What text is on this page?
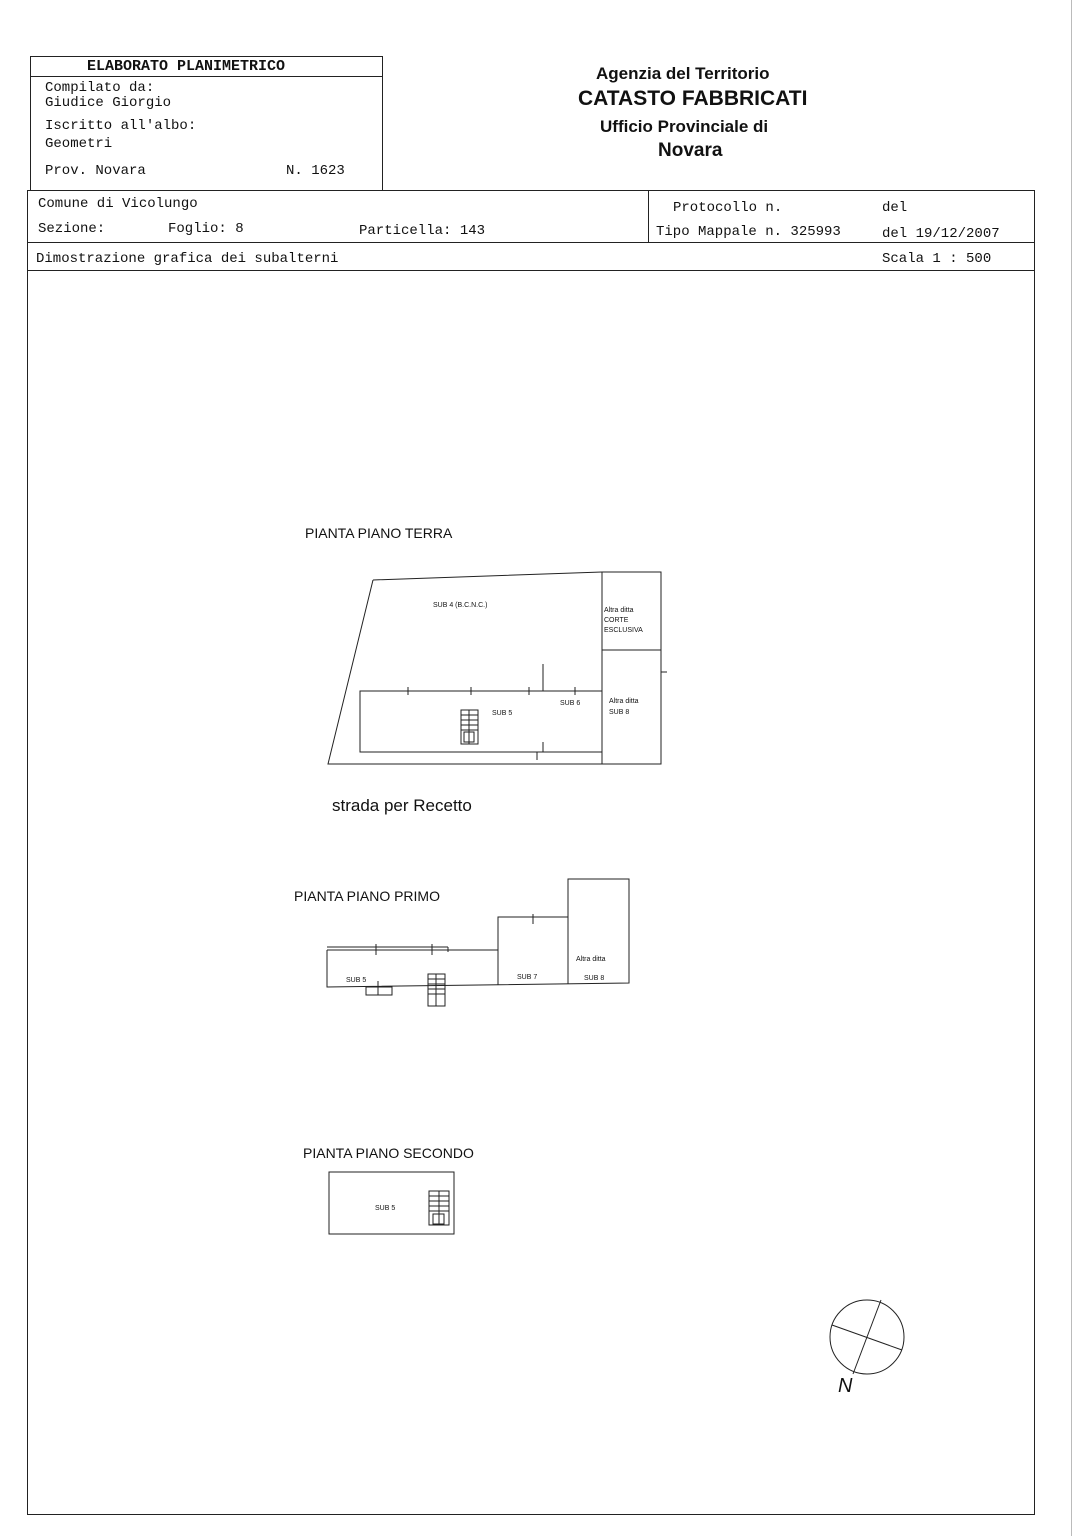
ELABORATO PLANIMETRICO
Compilato da:
Giudice Giorgio
Iscritto all'albo:
Geometri
Prov. Novara	N. 1623
Agenzia del Territorio
CATASTO FABBRICATI
Ufficio Provinciale di
Novara
Comune di Vicolungo
Sezione:	Foglio: 8	Particella: 143
Protocollo n.	del
Tipo Mappale n. 325993	del 19/12/2007
Dimostrazione grafica dei subalterni	Scala 1 : 500
PIANTA PIANO TERRA
SUB 4 (B.C.N.C.)
Altra ditta
CORTE
ESCLUSIVA
SUB 6
SUB 5
Altra ditta
SUB 8
strada per Recetto
PIANTA PIANO PRIMO
SUB 5	SUB 7
Altra ditta
SUB 8
PIANTA PIANO SECONDO
SUB 5
N
